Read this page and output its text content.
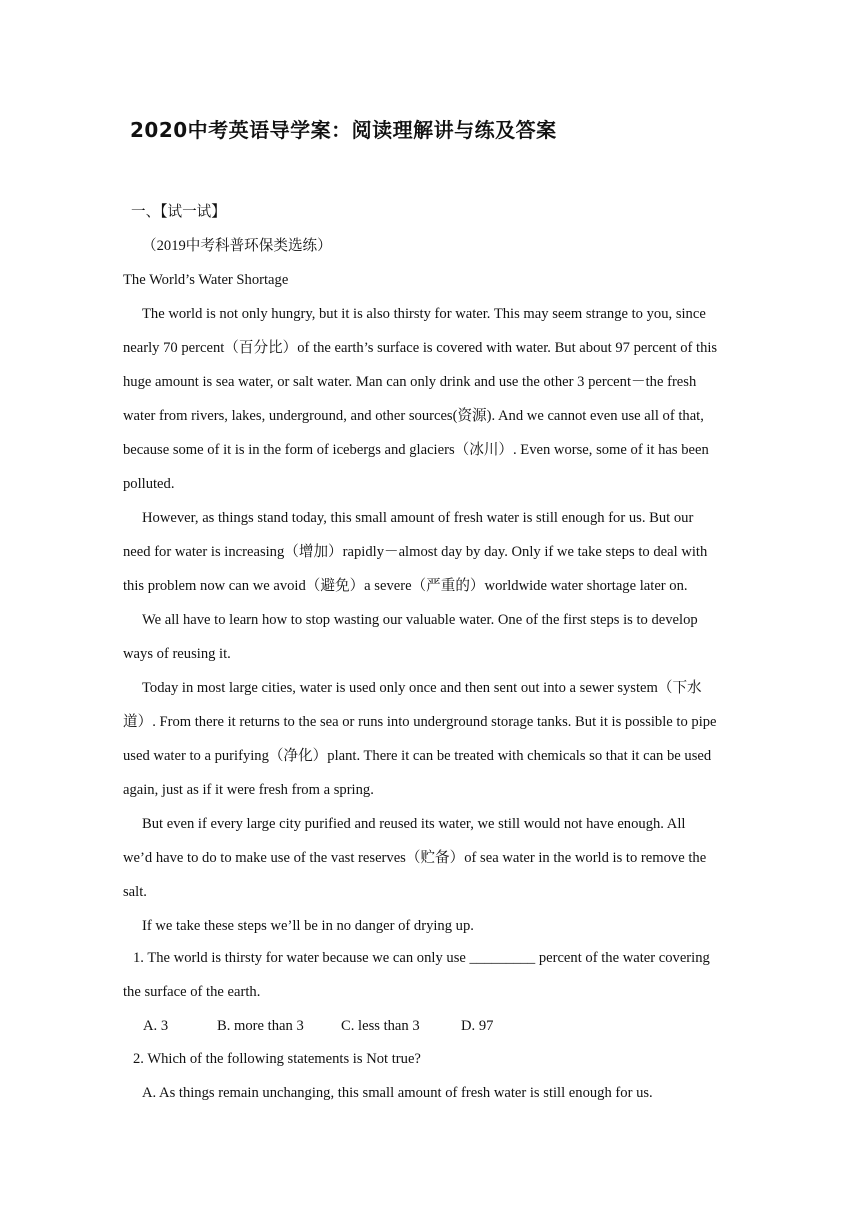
2020中考英语导学案：阅读理解讲与练及答案
一、【试一试】
（2019中考科普环保类选练）
The World’s Water Shortage
The world is not only hungry, but it is also thirsty for water. This may seem strange to you, since
nearly 70 percent（百分比）of the earth’s surface is covered with water. But about 97 percent of this
huge amount is sea water, or salt water. Man can only drink and use the other 3 percent－the fresh
water from rivers, lakes, underground, and other sources(资源). And we cannot even use all of that,
because some of it is in the form of icebergs and glaciers（冰川）. Even worse, some of it has been
polluted.
However, as things stand today, this small amount of fresh water is still enough for us. But our
need for water is increasing（增加）rapidly－almost day by day. Only if we take steps to deal with
this problem now can we avoid（避免）a severe（严重的）worldwide water shortage later on.
We all have to learn how to stop wasting our valuable water. One of the first steps is to develop
ways of reusing it.
Today in most large cities, water is used only once and then sent out into a sewer system（下水
道）. From there it returns to the sea or runs into underground storage tanks. But it is possible to pipe
used water to a purifying（净化）plant. There it can be treated with chemicals so that it can be used
again, just as if it were fresh from a spring.
But even if every large city purified and reused its water, we still would not have enough. All
we’d have to do to make use of the vast reserves（贮备）of sea water in the world is to remove the
salt.
If we take these steps we’ll be in no danger of drying up.
1. The world is thirsty for water because we can only use _________ percent of the water covering
the surface of the earth.
A. 3	B. more than 3	C. less than 3	D. 97
2. Which of the following statements is Not true?
A. As things remain unchanging, this small amount of fresh water is still enough for us.
